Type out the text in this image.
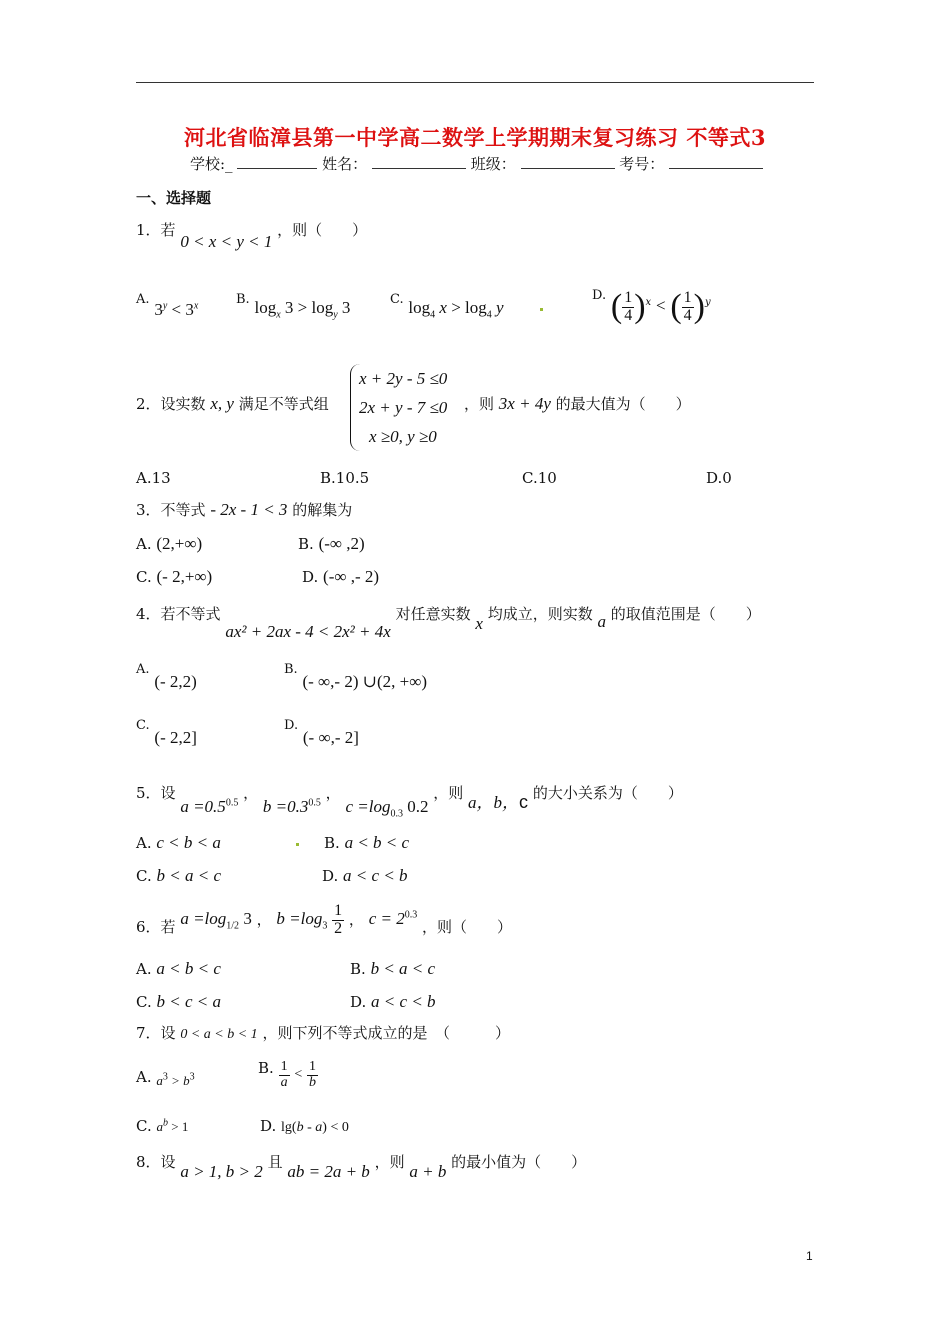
河北省临漳县第一中学高二数学上学期期末复习练习 不等式3
学校:_	姓名：	班级：	考号：
一、选择题
1．若 0 < x < y < 1 ，则（　　）
A. $3^y < 3^x$	B. $\log_x 3 > \log_y 3$	C. $\log_4 x > \log_4 y$
D. ( $\frac{1}{4} )^x$ < ( $\frac{1}{4} )^y$
2．设实数 x, y 满足不等式组
x + 2y - 5 ≤0
2x + y - 7 ≤0
x ≥0, y ≥0
，则 3x + 4y 的最大值为（　　）
A.13	B.10.5	C.10	D.0
3．不等式 - 2x - 1 < 3 的解集为
A. (2,+∞)	B. (-∞ ,2)
C. (- 2,+∞)	D. (-∞ ,- 2)
4．若不等式 ax² + 2ax - 4 < 2x² + 4x 对任意实数 x 均成立，则实数 a 的取值范围是（　　）
A. (- 2,2)
B. (- ∞,- 2) ∪(2, +∞)
C. (- 2,2]
D. (- ∞,- 2]
5．设 $a =0.5^{0.5}$ ， $b =0.3^{0.5}$ ， $c =\log_{0.3}$ 0.2 ，则 a，b，c 的大小关系为（　　）
A. c < b < a	B. a < b < c
C. b < a < c	D. a < c < b
6．若 $a =\log_{1/2}$ 3 ， $b =\log_3 \frac{1}{2}$ ， $c = 2^{0.3}$ ，则（　　）
A. a < b < c	B. b < a < c
C. b < c < a	D. a < c < b
7．设 0 < a < b < 1 ，则下列不等式成立的是　（　　　）
A. $a^3 > b^3$	B. $\frac{1}{a} < \frac{1}{b}$
C. $a^b > 1$	D. lg(b - a) < 0
8．设 a > 1, b > 2 且 ab = 2a + b ，则 a + b 的最小值为（　　）
1
